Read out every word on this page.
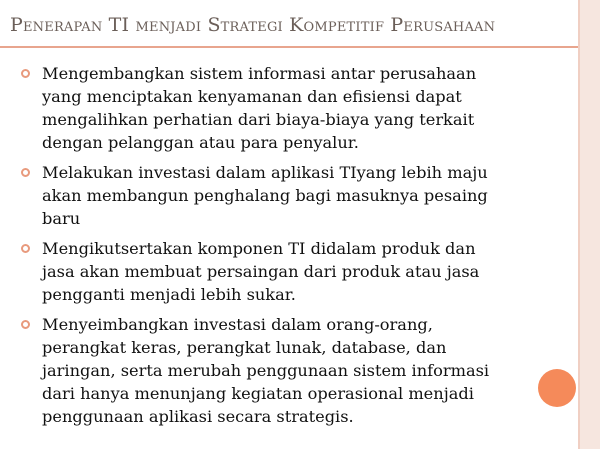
Penerapan TI menjadi Strategi Kompetitif Perusahaan
Mengembangkan sistem informasi antar perusahaan
yang menciptakan kenyamanan dan efisiensi dapat
mengalihkan perhatian dari biaya-biaya yang terkait
dengan pelanggan atau para penyalur.
Melakukan investasi dalam aplikasi TIyang lebih maju
akan membangun penghalang bagi masuknya pesaing
baru
Mengikutsertakan komponen TI didalam produk dan
jasa akan membuat persaingan dari produk atau jasa
pengganti menjadi lebih sukar.
Menyeimbangkan investasi dalam orang-orang,
perangkat keras, perangkat lunak, database, dan
jaringan, serta merubah penggunaan sistem informasi
dari hanya menunjang kegiatan operasional menjadi
penggunaan aplikasi secara strategis.
